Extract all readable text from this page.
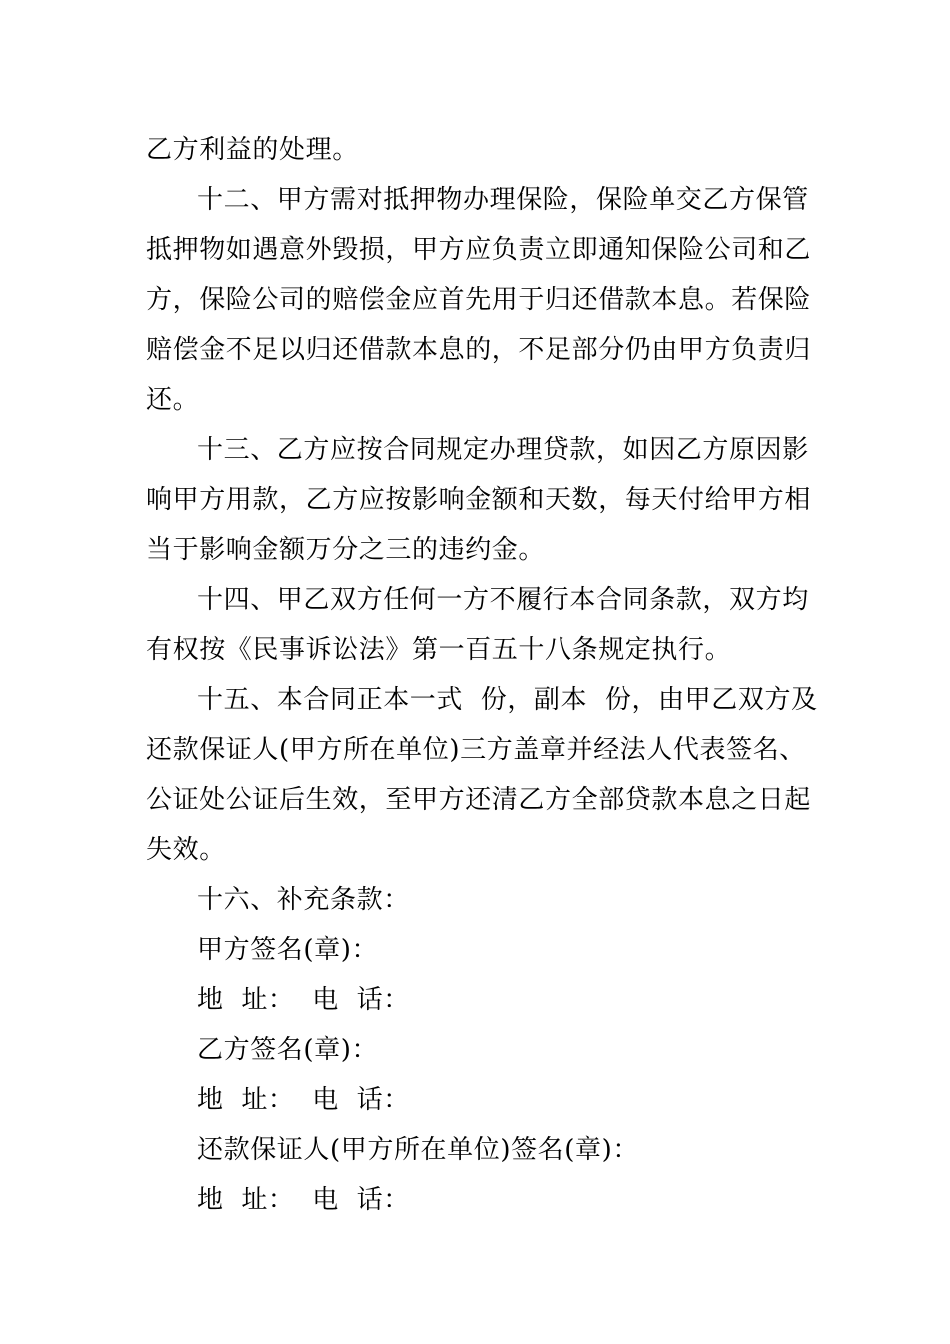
乙方利益的处理。
十二、甲方需对抵押物办理保险，保险单交乙方保管
抵押物如遇意外毁损，甲方应负责立即通知保险公司和乙
方，保险公司的赔偿金应首先用于归还借款本息。若保险
赔偿金不足以归还借款本息的，不足部分仍由甲方负责归
还。
十三、乙方应按合同规定办理贷款，如因乙方原因影
响甲方用款，乙方应按影响金额和天数，每天付给甲方相
当于影响金额万分之三的违约金。
十四、甲乙双方任何一方不履行本合同条款，双方均
有权按《民事诉讼法》第一百五十八条规定执行。
十五、本合同正本一式  份，副本  份，由甲乙双方及
还款保证人(甲方所在单位)三方盖章并经法人代表签名、
公证处公证后生效，至甲方还清乙方全部贷款本息之日起
失效。
十六、补充条款：
甲方签名(章)：
地  址：  电  话：
乙方签名(章)：
地  址：  电  话：
还款保证人(甲方所在单位)签名(章)：
地  址：  电  话：
